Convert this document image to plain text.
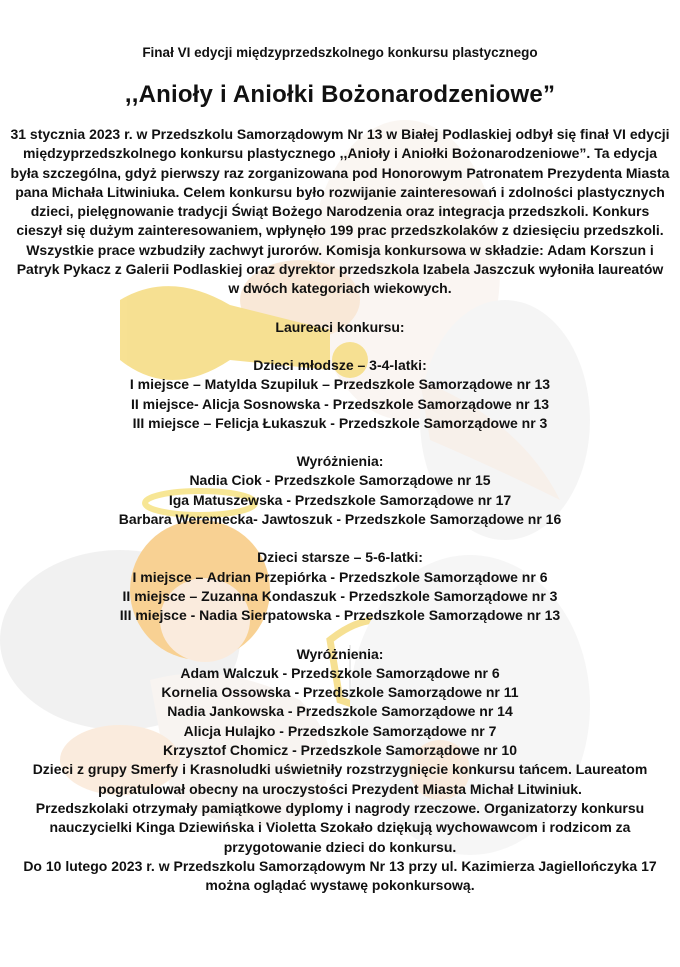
Finał VI edycji międzyprzedszkolnego konkursu plastycznego
,,Anioły i Aniołki Bożonarodzeniowe”

31 stycznia 2023 r. w Przedszkolu Samorządowym Nr 13 w Białej Podlaskiej odbył się finał VI edycji międzyprzedszkolnego konkursu plastycznego ,,Anioły i Aniołki Bożonarodzeniowe”. Ta edycja była szczególna, gdyż pierwszy raz zorganizowana pod Honorowym Patronatem Prezydenta Miasta pana Michała Litwiniuka. Celem konkursu było rozwijanie zainteresowań i zdolności plastycznych dzieci, pielęgnowanie tradycji Świąt Bożego Narodzenia oraz integracja przedszkoli. Konkurs cieszył się dużym zainteresowaniem, wpłynęło 199 prac przedszkolaków z dziesięciu przedszkoli. Wszystkie prace wzbudziły zachwyt jurorów. Komisja konkursowa w składzie: Adam Korszun i Patryk Pykacz z Galerii Podlaskiej oraz dyrektor przedszkola Izabela Jaszczuk wyłoniła laureatów w dwóch kategoriach wiekowych.

Laureaci konkursu:
Dzieci młodsze – 3-4-latki:
I miejsce – Matylda Szupiluk – Przedszkole Samorządowe nr 13
II miejsce- Alicja Sosnowska - Przedszkole Samorządowe nr 13
III miejsce – Felicja Łukaszuk - Przedszkole Samorządowe nr 3
Wyróżnienia:
Nadia Ciok - Przedszkole Samorządowe nr 15
Iga Matuszewska - Przedszkole Samorządowe nr 17
Barbara Weremecka- Jawtoszuk - Przedszkole Samorządowe nr 16
Dzieci starsze – 5-6-latki:
I miejsce – Adrian Przepiórka - Przedszkole Samorządowe nr 6
II miejsce – Zuzanna Kondaszuk - Przedszkole Samorządowe nr 3
III miejsce - Nadia Sierpatowska - Przedszkole Samorządowe nr 13
Wyróżnienia:
Adam Walczuk - Przedszkole Samorządowe nr 6
Kornelia Ossowska - Przedszkole Samorządowe nr 11
Nadia Jankowska - Przedszkole Samorządowe nr 14
Alicja Hulajko - Przedszkole Samorządowe nr 7
Krzysztof Chomicz - Przedszkole Samorządowe nr 10

Dzieci z grupy Smerfy i Krasnoludki uświetniły rozstrzygnięcie konkursu tańcem. Laureatom pogratulował obecny na uroczystości Prezydent Miasta Michał Litwiniuk.

Przedszkolaki otrzymały pamiątkowe dyplomy i nagrody rzeczowe. Organizatorzy konkursu nauczycielki Kinga Dziewińska i Violetta Szokało dziękują wychowawcom i rodzicom za przygotowanie dzieci do konkursu.

Do 10 lutego 2023 r. w Przedszkolu Samorządowym Nr 13 przy ul. Kazimierza Jagiellończyka 17 można oglądać wystawę pokonkursową.
